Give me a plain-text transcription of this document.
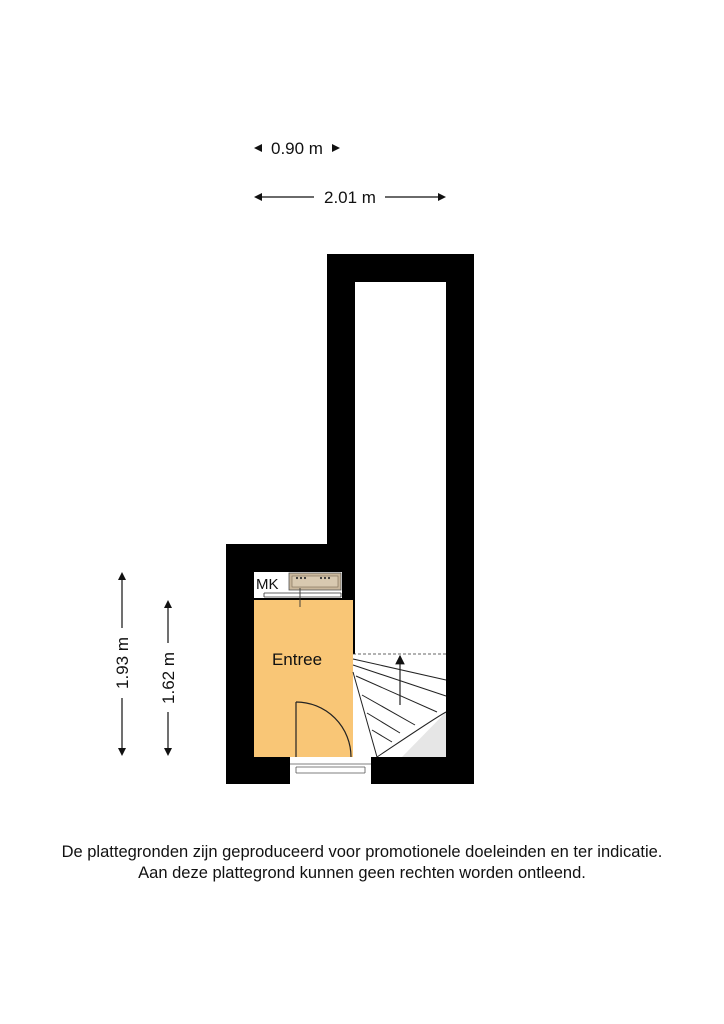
0.90 m
2.01 m
1.93 m 1.62 m
MK
Entree
De plattegronden zijn geproduceerd voor promotionele doeleinden en ter indicatie.
Aan deze plattegrond kunnen geen rechten worden ontleend.
